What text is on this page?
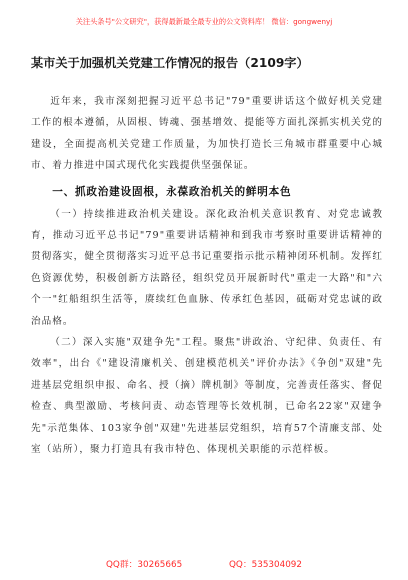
关注头条号"公文研究"，获得最新最全最专业的公文资料库！ 微信：gongwenyj
某市关于加强机关党建工作情况的报告（2109字）

近年来，我市深刻把握习近平总书记"79"重要讲话这个做好机关党建工作的根本遵循，从固根、铸魂、强基增效、提能等方面扎深抓实机关党的建设，全面提高机关党建工作质量，为加快打造长三角城市群重要中心城市、着力推进中国式现代化实践提供坚强保证。

一、抓政治建设固根，永葆政治机关的鲜明本色

（一）持续推进政治机关建设。深化政治机关意识教育、对党忠诚教育，推动习近平总书记"79"重要讲话精神和到我市考察时重要讲话精神的贯彻落实，健全贯彻落实习近平总书记重要指示批示精神闭环机制。发挥红色资源优势，积极创新方法路径，组织党员开展新时代"重走一大路"和"六个一"红船组织生活等，赓续红色血脉、传承红色基因，砥砺对党忠诚的政治品格。

（二）深入实施"双建争先"工程。聚焦"讲政治、守纪律、负责任、有效率"，出台《"建设清廉机关、创建模范机关"评价办法》《争创"双建"先进基层党组织申报、命名、授（摘）牌机制》等制度，完善责任落实、督促检查、典型激励、考核问责、动态管理等长效机制，已命名22家"双建争先"示范集体、103家争创"双建"先进基层党组织，培育57个清廉支部、处室（站所），聚力打造具有我市特色、体现机关职能的示范样板。

QQ群：30265665	QQ：535304092
